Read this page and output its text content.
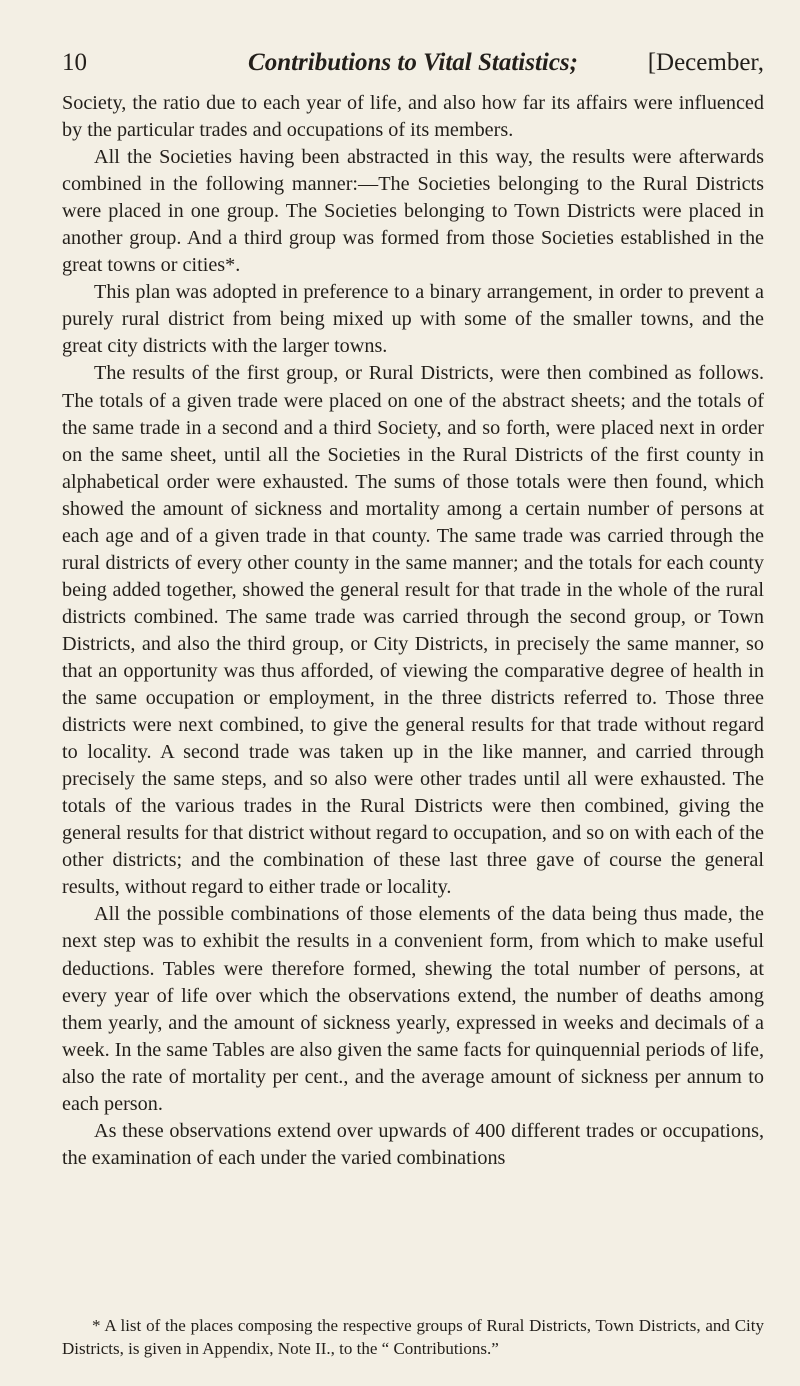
10	Contributions to Vital Statistics;	[December,

Society, the ratio due to each year of life, and also how far its affairs were influenced by the particular trades and occupations of its members.

All the Societies having been abstracted in this way, the results were afterwards combined in the following manner:—The Societies belonging to the Rural Districts were placed in one group. The Societies belonging to Town Districts were placed in another group. And a third group was formed from those Societies established in the great towns or cities*.

This plan was adopted in preference to a binary arrangement, in order to prevent a purely rural district from being mixed up with some of the smaller towns, and the great city districts with the larger towns.

The results of the first group, or Rural Districts, were then combined as follows. The totals of a given trade were placed on one of the abstract sheets; and the totals of the same trade in a second and a third Society, and so forth, were placed next in order on the same sheet, until all the Societies in the Rural Districts of the first county in alphabetical order were exhausted. The sums of those totals were then found, which showed the amount of sickness and mortality among a certain number of persons at each age and of a given trade in that county. The same trade was carried through the rural districts of every other county in the same manner; and the totals for each county being added together, showed the general result for that trade in the whole of the rural districts combined. The same trade was carried through the second group, or Town Districts, and also the third group, or City Districts, in precisely the same manner, so that an opportunity was thus afforded, of viewing the comparative degree of health in the same occupation or employment, in the three districts referred to. Those three districts were next combined, to give the general results for that trade without regard to locality. A second trade was taken up in the like manner, and carried through precisely the same steps, and so also were other trades until all were exhausted. The totals of the various trades in the Rural Districts were then combined, giving the general results for that district without regard to occupation, and so on with each of the other districts; and the combination of these last three gave of course the general results, without regard to either trade or locality.

All the possible combinations of those elements of the data being thus made, the next step was to exhibit the results in a convenient form, from which to make useful deductions. Tables were therefore formed, shewing the total number of persons, at every year of life over which the observations extend, the number of deaths among them yearly, and the amount of sickness yearly, expressed in weeks and decimals of a week. In the same Tables are also given the same facts for quinquennial periods of life, also the rate of mortality per cent., and the average amount of sickness per annum to each person.

As these observations extend over upwards of 400 different trades or occupations, the examination of each under the varied combinations

* A list of the places composing the respective groups of Rural Districts, Town Districts, and City Districts, is given in Appendix, Note II., to the “ Contributions.”
